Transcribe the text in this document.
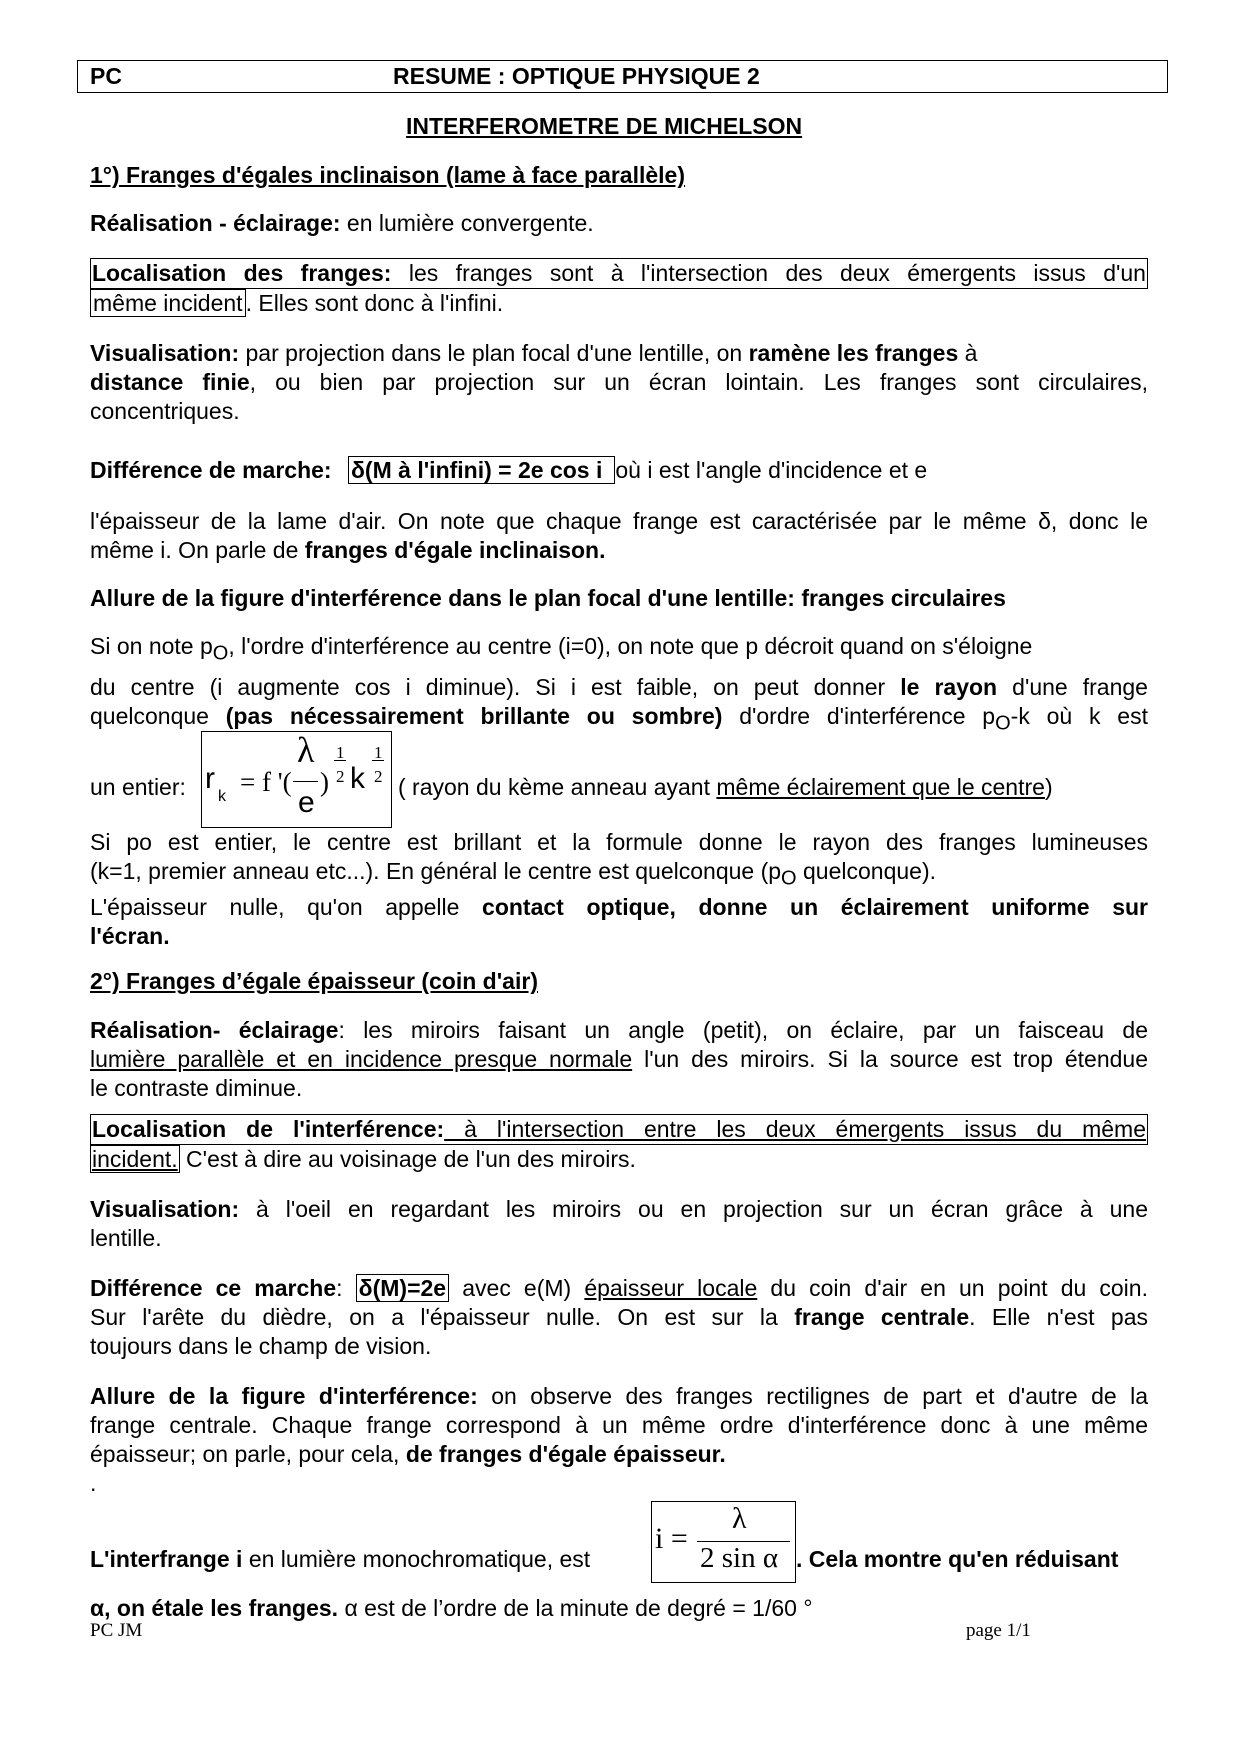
PC	RESUME : OPTIQUE PHYSIQUE 2
INTERFEROMETRE DE MICHELSON
1°) Franges d'égales inclinaison (lame à face parallèle)
Réalisation - éclairage: en lumière convergente.
Localisation des franges: les franges sont à l'intersection des deux émergents issus d'un
même incident . Elles sont donc à l'infini.
Visualisation: par projection dans le plan focal d'une lentille, on ramène les franges à
distance finie, ou bien par projection sur un écran lointain. Les franges sont circulaires,
concentriques.
Différence de marche: δ(M à l'infini) = 2e cos i où i est l'angle d'incidence et e
l'épaisseur de la lame d'air. On note que chaque frange est caractérisée par le même δ, donc le
même i. On parle de franges d'égale inclinaison.
Allure de la figure d'interférence dans le plan focal d'une lentille: franges circulaires
Si on note $p_O$, l'ordre d'interférence au centre (i=0), on note que p décroit quand on s'éloigne
du centre (i augmente cos i diminue). Si i est faible, on peut donner le rayon d'une frange
quelconque (pas nécessairement brillante ou sombre) d'ordre d'interférence $p_O-k$ où k est
un entier: r
k = f '(
λ
e
)
1
2 k
1
2 ( rayon du kème anneau ayant même éclairement que le centre)
Si po est entier, le centre est brillant et la formule donne le rayon des franges lumineuses
(k=1, premier anneau etc...). En général le centre est quelconque ($p_O$ quelconque).
L'épaisseur nulle, qu'on appelle contact optique, donne un éclairement uniforme sur
l'écran.
2°) Franges d’égale épaisseur (coin d'air)
Réalisation- éclairage: les miroirs faisant un angle (petit), on éclaire, par un faisceau de
lumière parallèle et en incidence presque normale l'un des miroirs. Si la source est trop étendue
le contraste diminue.
Localisation de l'interférence: à l'intersection entre les deux émergents issus du même
incident. C'est à dire au voisinage de l'un des miroirs.
Visualisation: à l'oeil en regardant les miroirs ou en projection sur un écran grâce à une
lentille.
Différence ce marche: δ(M)=2e avec e(M) épaisseur locale du coin d'air en un point du coin.
Sur l'arête du dièdre, on a l'épaisseur nulle. On est sur la frange centrale. Elle n'est pas
toujours dans le champ de vision.
Allure de la figure d'interférence: on observe des franges rectilignes de part et d'autre de la
frange centrale. Chaque frange correspond à un même ordre d'interférence donc à une même
épaisseur; on parle, pour cela, de franges d'égale épaisseur.
.
L'interfrange i en lumière monochromatique, est
i =
λ
2 sin α . Cela montre qu'en réduisant
α, on étale les franges. α est de l’ordre de la minute de degré = 1/60 °
PC JM	page 1/1
